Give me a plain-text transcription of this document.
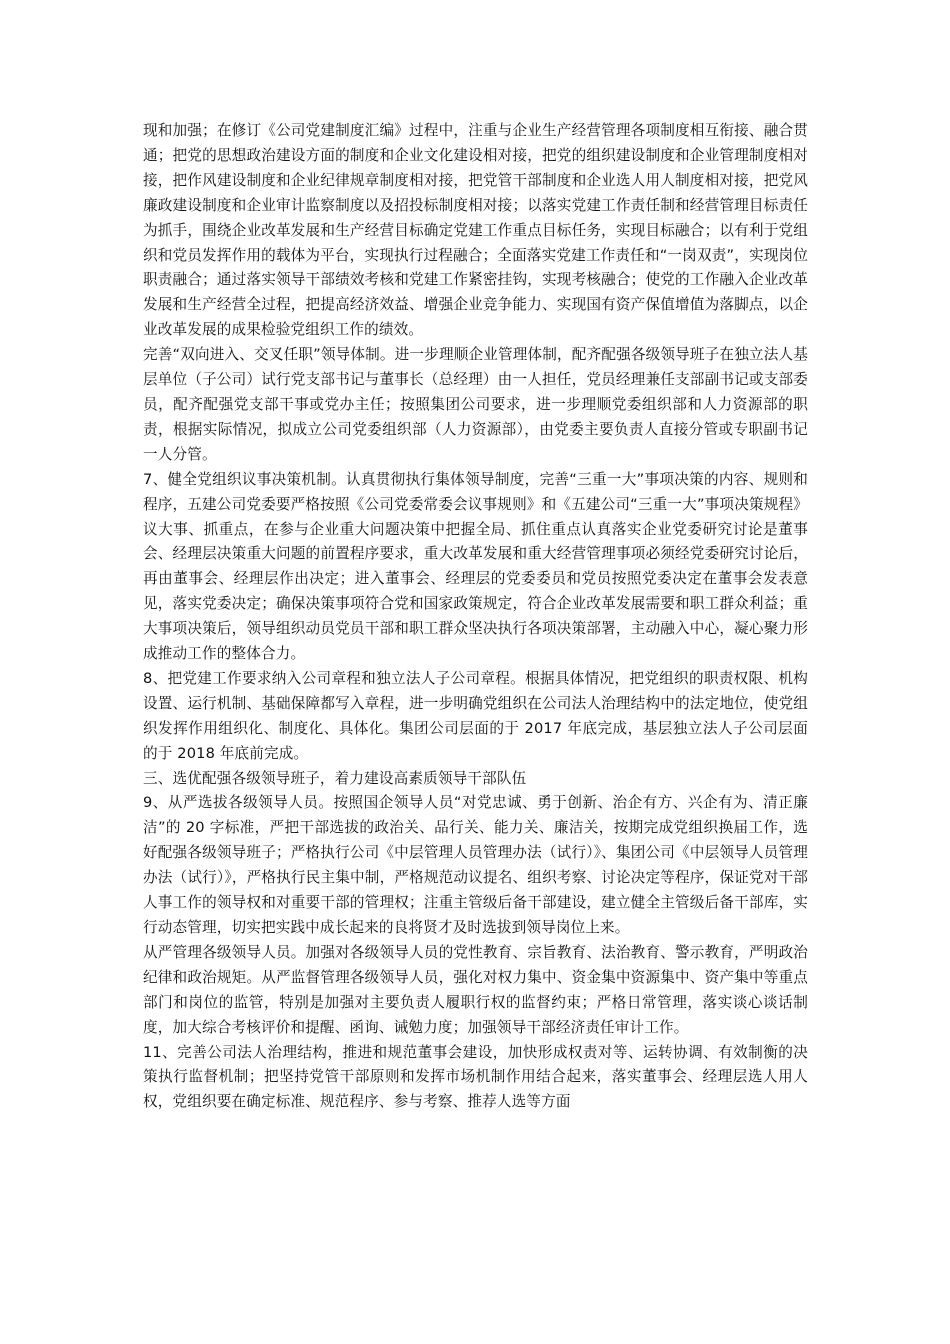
现和加强；在修订《公司党建制度汇编》过程中，注重与企业生产经营管理各项制度相互衔接、融合贯通；把党的思想政治建设方面的制度和企业文化建设相对接，把党的组织建设制度和企业管理制度相对接，把作风建设制度和企业纪律规章制度相对接，把党管干部制度和企业选人用人制度相对接，把党风廉政建设制度和企业审计监察制度以及招投标制度相对接；以落实党建工作责任制和经营管理目标责任为抓手，围绕企业改革发展和生产经营目标确定党建工作重点目标任务，实现目标融合；以有利于党组织和党员发挥作用的载体为平台，实现执行过程融合；全面落实党建工作责任和“一岗双责”，实现岗位职责融合；通过落实领导干部绩效考核和党建工作紧密挂钩，实现考核融合；使党的工作融入企业改革发展和生产经营全过程，把提高经济效益、增强企业竞争能力、实现国有资产保值增值为落脚点，以企业改革发展的成果检验党组织工作的绩效。

完善“双向进入、交叉任职”领导体制。进一步理顺企业管理体制，配齐配强各级领导班子在独立法人基层单位（子公司）试行党支部书记与董事长（总经理）由一人担任，党员经理兼任支部副书记或支部委员，配齐配强党支部干事或党办主任；按照集团公司要求，进一步理顺党委组织部和人力资源部的职责，根据实际情况，拟成立公司党委组织部（人力资源部），由党委主要负责人直接分管或专职副书记一人分管。

7、健全党组织议事决策机制。认真贯彻执行集体领导制度，完善“三重一大”事项决策的内容、规则和程序，五建公司党委要严格按照《公司党委常委会议事规则》和《五建公司“三重一大”事项决策规程》议大事、抓重点，在参与企业重大问题决策中把握全局、抓住重点认真落实企业党委研究讨论是董事会、经理层决策重大问题的前置程序要求，重大改革发展和重大经营管理事项必须经党委研究讨论后，再由董事会、经理层作出决定；进入董事会、经理层的党委委员和党员按照党委决定在董事会发表意见，落实党委决定；确保决策事项符合党和国家政策规定，符合企业改革发展需要和职工群众利益；重大事项决策后，领导组织动员党员干部和职工群众坚决执行各项决策部署，主动融入中心，凝心聚力形成推动工作的整体合力。

8、把党建工作要求纳入公司章程和独立法人子公司章程。根据具体情况，把党组织的职责权限、机构设置、运行机制、基础保障都写入章程，进一步明确党组织在公司法人治理结构中的法定地位，使党组织发挥作用组织化、制度化、具体化。集团公司层面的于 2017 年底完成，基层独立法人子公司层面的于 2018 年底前完成。

三、选优配强各级领导班子，着力建设高素质领导干部队伍

9、从严选拔各级领导人员。按照国企领导人员“对党忠诚、勇于创新、治企有方、兴企有为、清正廉洁”的 20 字标准，严把干部选拔的政治关、品行关、能力关、廉洁关，按期完成党组织换届工作，选好配强各级领导班子；严格执行公司《中层管理人员管理办法（试行）》、集团公司《中层领导人员管理办法（试行）》，严格执行民主集中制，严格规范动议提名、组织考察、讨论决定等程序，保证党对干部人事工作的领导权和对重要干部的管理权；注重主管级后备干部建设，建立健全主管级后备干部库，实行动态管理，切实把实践中成长起来的良将贤才及时选拔到领导岗位上来。

从严管理各级领导人员。加强对各级领导人员的党性教育、宗旨教育、法治教育、警示教育，严明政治纪律和政治规矩。从严监督管理各级领导人员，强化对权力集中、资金集中资源集中、资产集中等重点部门和岗位的监管，特别是加强对主要负责人履职行权的监督约束；严格日常管理，落实谈心谈话制度，加大综合考核评价和提醒、函询、诫勉力度；加强领导干部经济责任审计工作。

11、完善公司法人治理结构，推进和规范董事会建设，加快形成权责对等、运转协调、有效制衡的决策执行监督机制；把坚持党管干部原则和发挥市场机制作用结合起来，落实董事会、经理层选人用人权，党组织要在确定标准、规范程序、参与考察、推荐人选等方面
